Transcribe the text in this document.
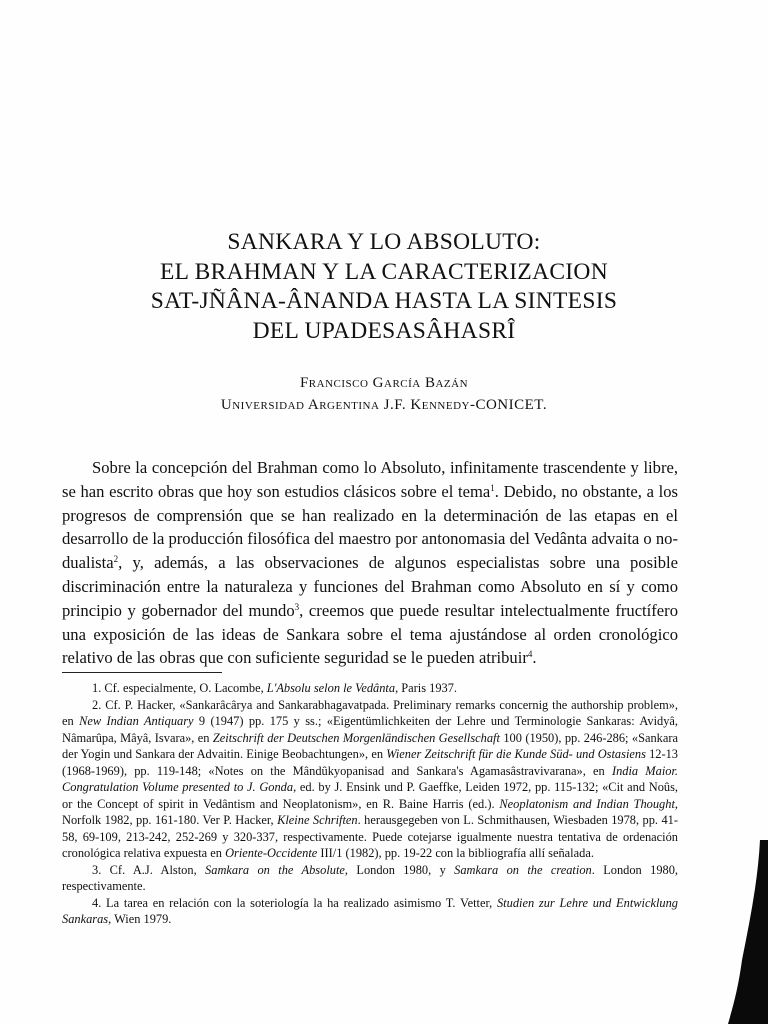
SANKARA Y LO ABSOLUTO:
EL BRAHMAN Y LA CARACTERIZACION
SAT-JÑÂNA-ÂNANDA HASTA LA SINTESIS
DEL UPADESASÂHASRÎ
Francisco García Bazán
Universidad Argentina J.F. Kennedy-CONICET.

Sobre la concepción del Brahman como lo Absoluto, infinitamente trascendente y libre, se han escrito obras que hoy son estudios clásicos sobre el tema$^1$. Debido, no obstante, a los progresos de comprensión que se han realizado en la determinación de las etapas en el desarrollo de la producción filosófica del maestro por antonomasia del Vedânta advaita o no-dualista$^2$, y, además, a las observaciones de algunos especialistas sobre una posible discriminación entre la naturaleza y funciones del Brahman como Absoluto en sí y como principio y gobernador del mundo$^3$, creemos que puede resultar intelectualmente fructífero una exposición de las ideas de Sankara sobre el tema ajustándose al orden cronológico relativo de las obras que con suficiente seguridad se le pueden atribuir$^4$.

1. Cf. especialmente, O. Lacombe, L'Absolu selon le Vedânta, Paris 1937.

2. Cf. P. Hacker, «Sankarâcârya and Sankarabhagavatpada. Preliminary remarks concernig the authorship problem», en New Indian Antiquary 9 (1947) pp. 175 y ss.; «Eigentümlichkeiten der Lehre und Terminologie Sankaras: Avidyâ, Nâmarûpa, Mâyâ, Isvara», en Zeitschrift der Deutschen Morgenländischen Gesellschaft 100 (1950), pp. 246-286; «Sankara der Yogin und Sankara der Advaitin. Einige Beobachtungen», en Wiener Zeitschrift für die Kunde Süd- und Ostasiens 12-13 (1968-1969), pp. 119-148; «Notes on the Mândûkyopanisad and Sankara's Agamasâstravivarana», en India Maior. Congratulation Volume presented to J. Gonda, ed. by J. Ensink und P. Gaeffke, Leiden 1972, pp. 115-132; «Cit and Noûs, or the Concept of spirit in Vedântism and Neoplatonism», en R. Baine Harris (ed.). Neoplatonism and Indian Thought, Norfolk 1982, pp. 161-180. Ver P. Hacker, Kleine Schriften. herausgegeben von L. Schmithausen, Wiesbaden 1978, pp. 41-58, 69-109, 213-242, 252-269 y 320-337, respectivamente. Puede cotejarse igualmente nuestra tentativa de ordenación cronológica relativa expuesta en Oriente-Occidente III/1 (1982), pp. 19-22 con la bibliografía allí señalada.

3. Cf. A.J. Alston, Samkara on the Absolute, London 1980, y Samkara on the creation. London 1980, respectivamente.

4. La tarea en relación con la soteriología la ha realizado asimismo T. Vetter, Studien zur Lehre und Entwicklung Sankaras, Wien 1979.
